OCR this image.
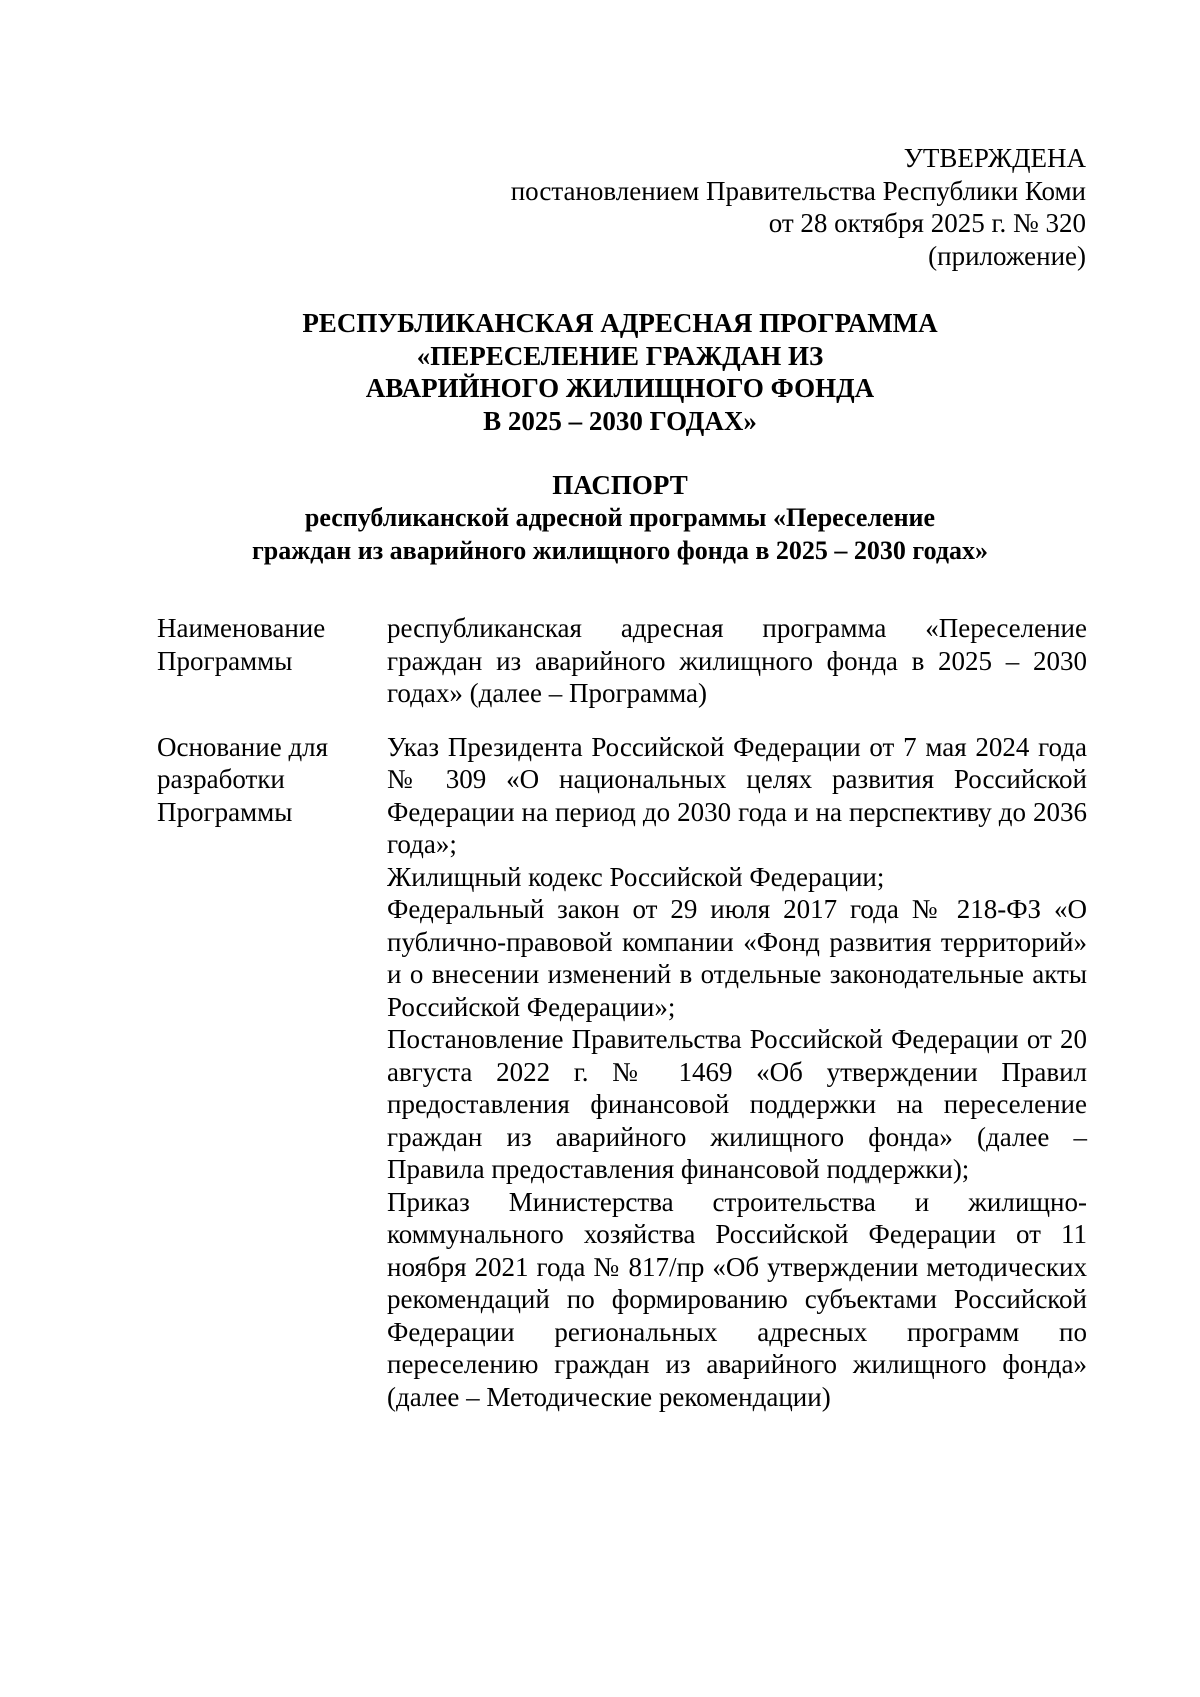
УТВЕРЖДЕНА
постановлением Правительства Республики Коми
от 28 октября 2025 г. № 320
(приложение)
РЕСПУБЛИКАНСКАЯ АДРЕСНАЯ ПРОГРАММА
«ПЕРЕСЕЛЕНИЕ ГРАЖДАН ИЗ
АВАРИЙНОГО ЖИЛИЩНОГО ФОНДА
В 2025 – 2030 ГОДАХ»
ПАСПОРТ
республиканской адресной программы «Переселение
граждан из аварийного жилищного фонда в 2025 – 2030 годах»
Наименование
Программы

республиканская адресная программа «Переселение граждан из аварийного жилищного фонда в 2025 – 2030 годах» (далее – Программа)

Основание для
разработки
Программы

Указ Президента Российской Федерации от 7 мая 2024 года № 309 «О национальных целях развития Российской Федерации на период до 2030 года и на перспективу до 2036 года»;

Жилищный кодекс Российской Федерации;

Федеральный закон от 29 июля 2017 года № 218-ФЗ «О публично-правовой компании «Фонд развития территорий» и о внесении изменений в отдельные законодательные акты Российской Федерации»;

Постановление Правительства Российской Федерации от 20 августа 2022 г. № 1469 «Об утверждении Правил предоставления финансовой поддержки на переселение граждан из аварийного жилищного фонда» (далее – Правила предоставления финансовой поддержки);

Приказ Министерства строительства и жилищно-коммунального хозяйства Российской Федерации от 11 ноября 2021 года № 817/пр «Об утверждении методических рекомендаций по формированию субъектами Российской Федерации региональных адресных программ по переселению граждан из аварийного жилищного фонда» (далее – Методические рекомендации)
